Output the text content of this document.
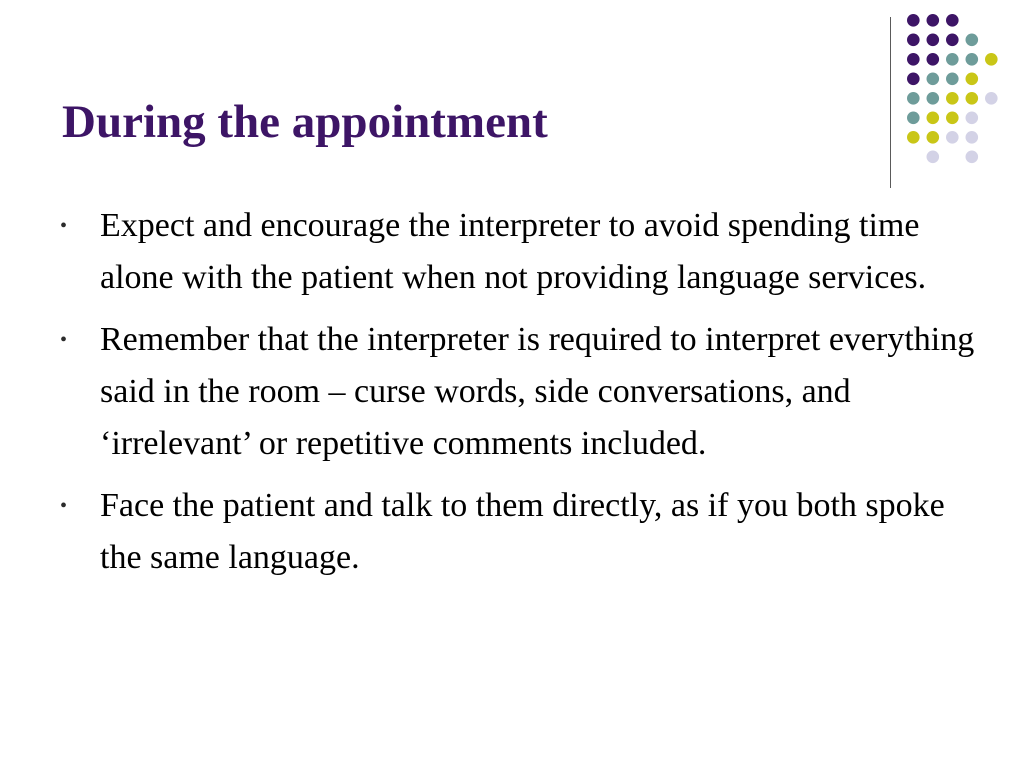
During the appointment
• Expect and encourage the interpreter to avoid spending time alone with the patient when not providing language services.
• Remember that the interpreter is required to interpret everything said in the room – curse words, side conversations, and ‘irrelevant’ or repetitive comments included.
• Face the patient and talk to them directly, as if you both spoke the same language.
